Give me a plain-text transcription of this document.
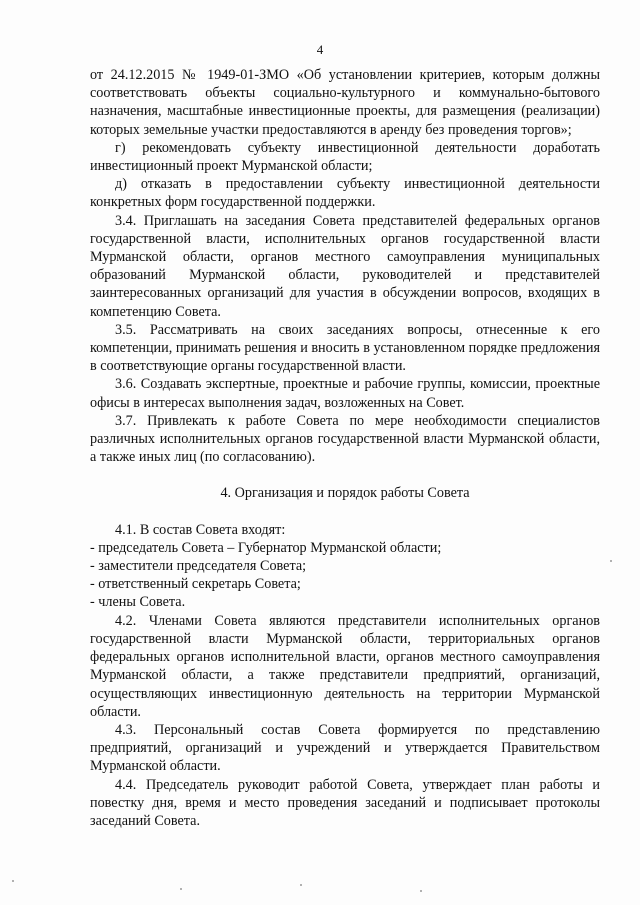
4

от 24.12.2015 № 1949-01-ЗМО «Об установлении критериев, которым должны соответствовать объекты социально-культурного и коммунально-бытового назначения, масштабные инвестиционные проекты, для размещения (реализации) которых земельные участки предоставляются в аренду без проведения торгов»;

г) рекомендовать субъекту инвестиционной деятельности доработать инвестиционный проект Мурманской области;

д) отказать в предоставлении субъекту инвестиционной деятельности конкретных форм государственной поддержки.

3.4. Приглашать на заседания Совета представителей федеральных органов государственной власти, исполнительных органов государственной власти Мурманской области, органов местного самоуправления муниципальных образований Мурманской области, руководителей и представителей заинтересованных организаций для участия в обсуждении вопросов, входящих в компетенцию Совета.

3.5. Рассматривать на своих заседаниях вопросы, отнесенные к его компетенции, принимать решения и вносить в установленном порядке предложения в соответствующие органы государственной власти.

3.6. Создавать экспертные, проектные и рабочие группы, комиссии, проектные офисы в интересах выполнения задач, возложенных на Совет.

3.7. Привлекать к работе Совета по мере необходимости специалистов различных исполнительных органов государственной власти Мурманской области, а также иных лиц (по согласованию).

4. Организация и порядок работы Совета

4.1. В состав Совета входят:

- председатель Совета – Губернатор Мурманской области;

- заместители председателя Совета;

- ответственный секретарь Совета;

- члены Совета.

4.2. Членами Совета являются представители исполнительных органов государственной власти Мурманской области, территориальных органов федеральных органов исполнительной власти, органов местного самоуправления Мурманской области, а также представители предприятий, организаций, осуществляющих инвестиционную деятельность на территории Мурманской области.

4.3. Персональный состав Совета формируется по представлению предприятий, организаций и учреждений и утверждается Правительством Мурманской области.

4.4. Председатель руководит работой Совета, утверждает план работы и повестку дня, время и место проведения заседаний и подписывает протоколы заседаний Совета.
